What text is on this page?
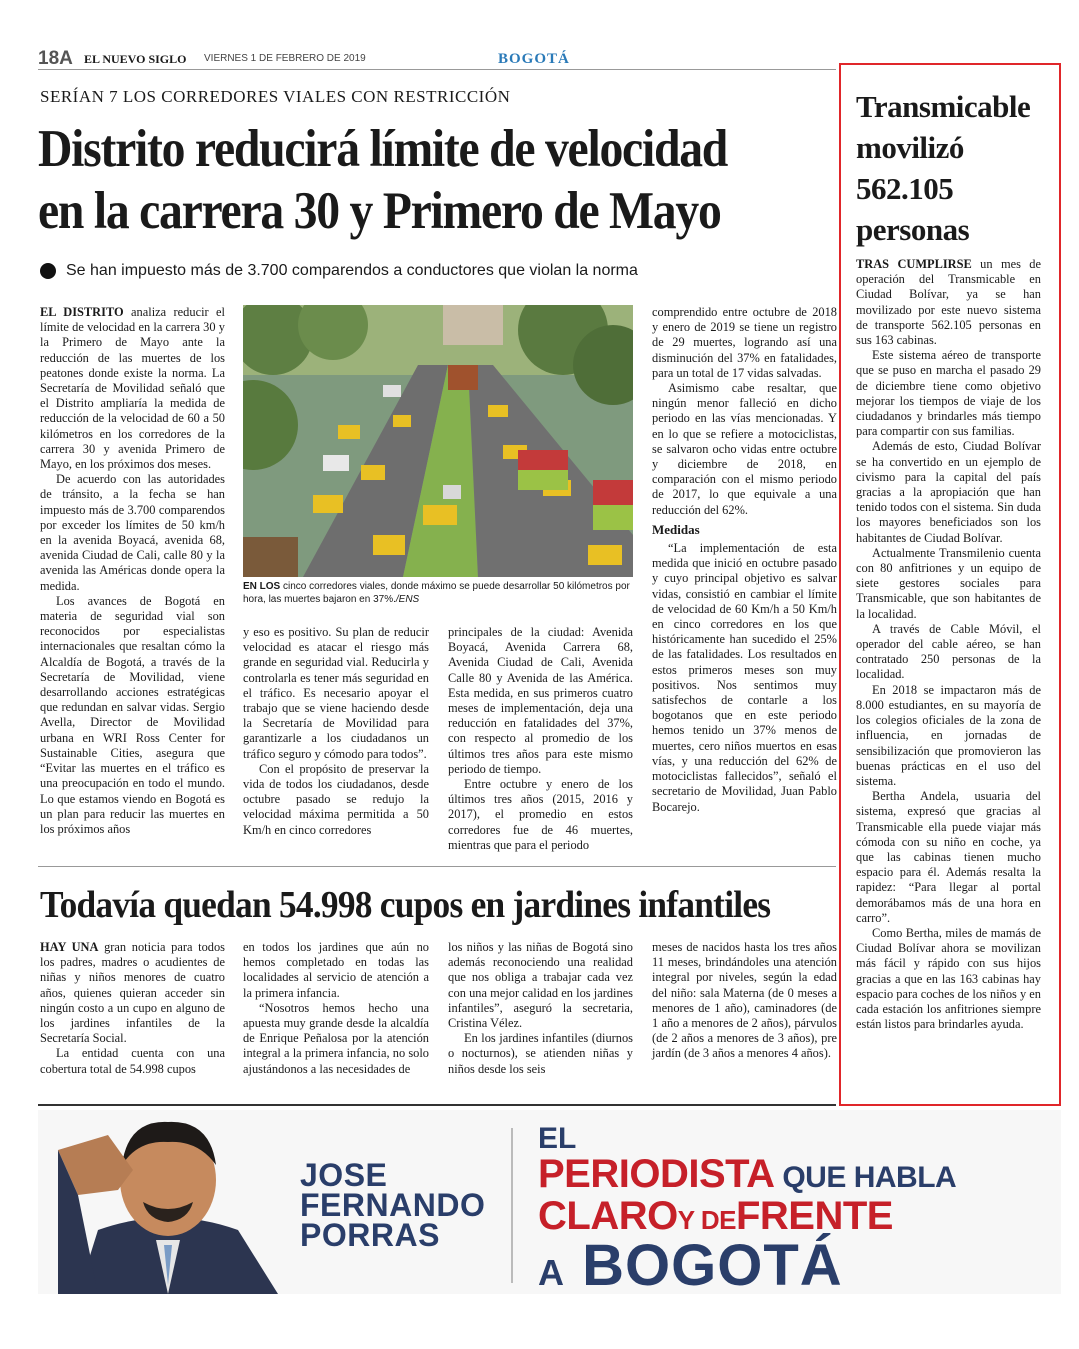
18A EL NUEVO SIGLO VIERNES 1 DE FEBRERO DE 2019	BOGOTÁ
SERÍAN 7 LOS CORREDORES VIALES CON RESTRICCIÓN
Distrito reducirá límite de velocidad
en la carrera 30 y Primero de Mayo
Se han impuesto más de 3.700 comparendos a conductores que violan la norma

EL DISTRITO analiza reducir el límite de velocidad en la carrera 30 y la Primero de Mayo ante la reducción de las muertes de los peatones donde existe la norma. La Secretaría de Movilidad señaló que el Distrito ampliaría la medida de reducción de la velocidad de 60 a 50 kilómetros en los corredores de la carrera 30 y avenida Primero de Mayo, en los próximos dos meses.

De acuerdo con las autoridades de tránsito, a la fecha se han impuesto más de 3.700 comparendos por exceder los límites de 50 km/h en la avenida Boyacá, avenida 68, avenida Ciudad de Cali, calle 80 y la avenida las Américas donde opera la medida.

Los avances de Bogotá en materia de seguridad vial son reconocidos por especialistas internacionales que resaltan cómo la Alcaldía de Bogotá, a través de la Secretaría de Movilidad, viene desarrollando acciones estratégicas que redundan en salvar vidas. Sergio Avella, Director de Movilidad urbana en WRI Ross Center for Sustainable Cities, asegura que “Evitar las muertes en el tráfico es una preocupación en todo el mundo. Lo que estamos viendo en Bogotá es un plan para reducir las muertes en los próximos años

EN LOS cinco corredores viales, donde máximo se puede desarrollar 50 kilómetros por hora, las muertes bajaron en 37%./ENS

y eso es positivo. Su plan de reducir velocidad es atacar el riesgo más grande en seguridad vial. Reducirla y controlarla es tener más seguridad en el tráfico. Es necesario apoyar el trabajo que se viene haciendo desde la Secretaría de Movilidad para garantizarle a los ciudadanos un tráfico seguro y cómodo para todos”.

Con el propósito de preservar la vida de todos los ciudadanos, desde octubre pasado se redujo la velocidad máxima permitida a 50 Km/h en cinco corredores

principales de la ciudad: Avenida Boyacá, Avenida Carrera 68, Avenida Ciudad de Cali, Avenida Calle 80 y Avenida de las América. Esta medida, en sus primeros cuatro meses de implementación, deja una reducción en fatalidades del 37%, con respecto al promedio de los últimos tres años para este mismo periodo de tiempo.

Entre octubre y enero de los últimos tres años (2015, 2016 y 2017), el promedio en estos corredores fue de 46 muertes, mientras que para el periodo

comprendido entre octubre de 2018 y enero de 2019 se tiene un registro de 29 muertes, logrando así una disminución del 37% en fatalidades, para un total de 17 vidas salvadas.

Asimismo cabe resaltar, que ningún menor falleció en dicho periodo en las vías mencionadas. Y en lo que se refiere a motociclistas, se salvaron ocho vidas entre octubre y diciembre de 2018, en comparación con el mismo periodo de 2017, lo que equivale a una reducción del 62%.

Medidas

“La implementación de esta medida que inició en octubre pasado y cuyo principal objetivo es salvar vidas, consistió en cambiar el límite de velocidad de 60 Km/h a 50 Km/h en cinco corredores en los que históricamente han sucedido el 25% de las fatalidades. Los resultados en estos primeros meses son muy positivos. Nos sentimos muy satisfechos de contarle a los bogotanos que en este periodo hemos tenido un 37% menos de muertes, cero niños muertos en esas vías, y una reducción del 62% de motociclistas fallecidos”, señaló el secretario de Movilidad, Juan Pablo Bocarejo.

Todavía quedan 54.998 cupos en jardines infantiles

HAY UNA gran noticia para todos los padres, madres o acudientes de niñas y niños menores de cuatro años, quienes quieran acceder sin ningún costo a un cupo en alguno de los jardines infantiles de la Secretaría Social.

La entidad cuenta con una cobertura total de 54.998 cupos

en todos los jardines que aún no hemos completado en todas las localidades al servicio de atención a la primera infancia.

“Nosotros hemos hecho una apuesta muy grande desde la alcaldía de Enrique Peñalosa por la atención integral a la primera infancia, no solo ajustándonos a las necesidades de

los niños y las niñas de Bogotá sino además reconociendo una realidad que nos obliga a trabajar cada vez con una mejor calidad en los jardines infantiles”, aseguró la secretaria, Cristina Vélez.

En los jardines infantiles (diurnos o nocturnos), se atienden niñas y niños desde los seis

meses de nacidos hasta los tres años 11 meses, brindándoles una atención integral por niveles, según la edad del niño: sala Materna (de 0 meses a menores de 1 año), caminadores (de 1 año a menores de 2 años), párvulos (de 2 años a menores de 3 años), pre jardín (de 3 años a menores 4 años).

Transmicable
movilizó
562.105
personas

TRAS CUMPLIRSE un mes de operación del Transmicable en Ciudad Bolívar, ya se han movilizado por este nuevo sistema de transporte 562.105 personas en sus 163 cabinas.

Este sistema aéreo de transporte que se puso en marcha el pasado 29 de diciembre tiene como objetivo mejorar los tiempos de viaje de los ciudadanos y brindarles más tiempo para compartir con sus familias.

Además de esto, Ciudad Bolívar se ha convertido en un ejemplo de civismo para la capital del país gracias a la apropiación que han tenido todos con el sistema. Sin duda los mayores beneficiados son los habitantes de Ciudad Bolívar.

Actualmente Transmilenio cuenta con 80 anfitriones y un equipo de siete gestores sociales para Transmicable, que son habitantes de la localidad.

A través de Cable Móvil, el operador del cable aéreo, se han contratado 250 personas de la localidad.

En 2018 se impactaron más de 8.000 estudiantes, en su mayoría de los colegios oficiales de la zona de influencia, en jornadas de sensibilización que promovieron las buenas prácticas en el uso del sistema.

Bertha Andela, usuaria del sistema, expresó que gracias al Transmicable ella puede viajar más cómoda con su niño en coche, ya que las cabinas tienen mucho espacio para él. Además resalta la rapidez: “Para llegar al portal demorábamos más de una hora en carro”.

Como Bertha, miles de mamás de Ciudad Bolívar ahora se movilizan más fácil y rápido con sus hijos gracias a que en las 163 cabinas hay espacio para coches de los niños y en cada estación los anfitriones siempre están listos para brindarles ayuda.

JOSE
FERNANDO
PORRAS
EL
PERIODISTA QUE HABLA
CLAROY DEFRENTE
A BOGOTÁ
